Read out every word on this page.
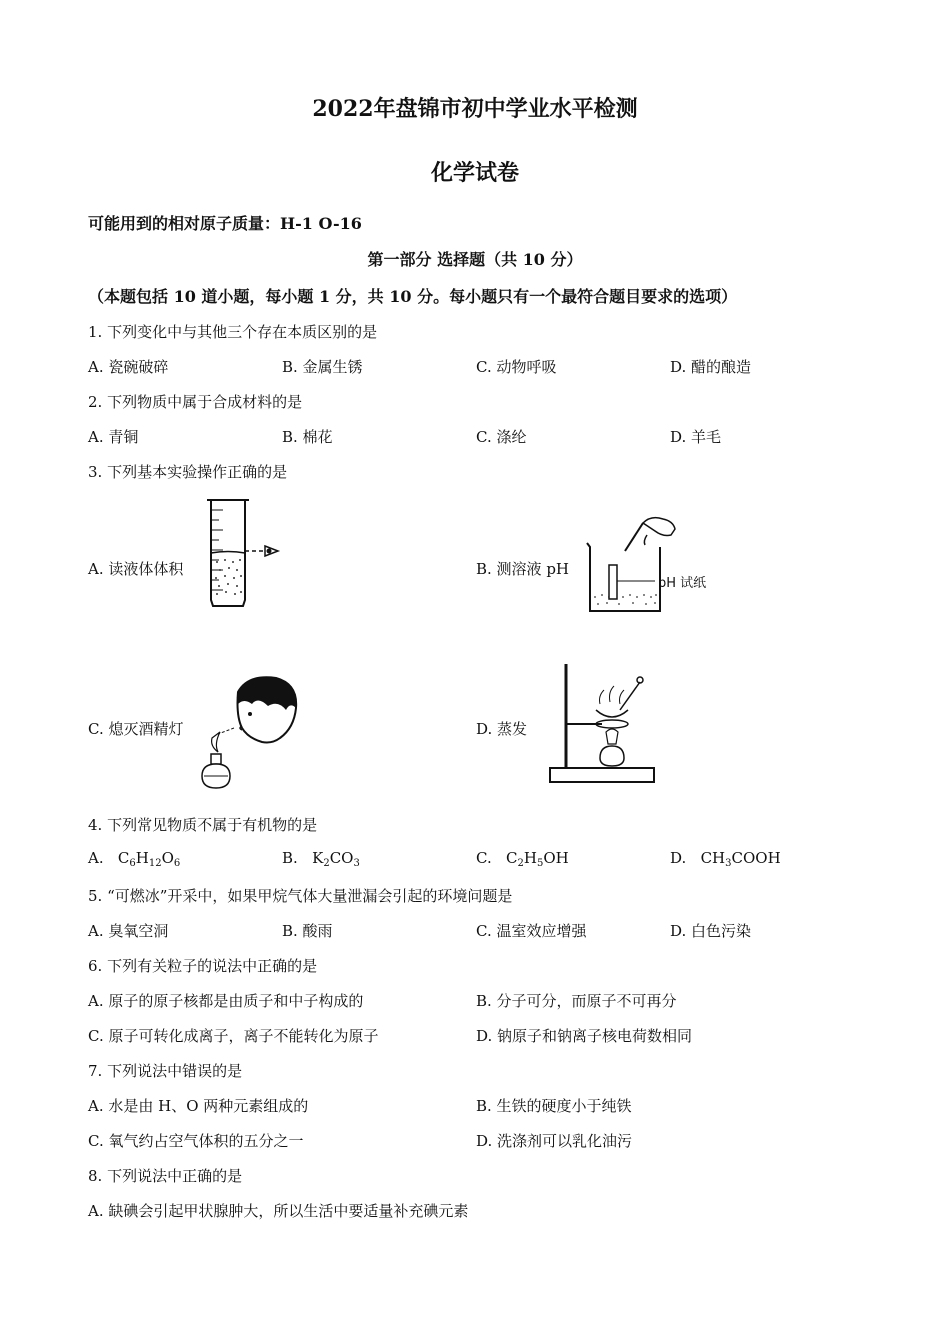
2022年盘锦市初中学业水平检测
化学试卷
可能用到的相对原子质量：H-1 O-16
第一部分 选择题（共 10 分）
（本题包括 10 道小题，每小题 1 分，共 10 分。每小题只有一个最符合题目要求的选项）
1. 下列变化中与其他三个存在本质区别的是
A. 瓷碗破碎	B. 金属生锈	C. 动物呼吸	D. 醋的酿造
2. 下列物质中属于合成材料的是
A. 青铜	B. 棉花	C. 涤纶	D. 羊毛
3. 下列基本实验操作正确的是
A. 读液体体积	B. 测溶液 pH
pH 试纸
C. 熄灭酒精灯	D. 蒸发
4. 下列常见物质不属于有机物的是
A. $C_6H_{12}O_6$	B. $K_2CO_3$	C. $C_2H_5OH$	D. $CH_3COOH$
5. “可燃冰”开采中，如果甲烷气体大量泄漏会引起的环境问题是
A. 臭氧空洞	B. 酸雨	C. 温室效应增强	D. 白色污染
6. 下列有关粒子的说法中正确的是
A. 原子的原子核都是由质子和中子构成的	B. 分子可分，而原子不可再分
C. 原子可转化成离子，离子不能转化为原子	D. 钠原子和钠离子核电荷数相同
7. 下列说法中错误的是
A. 水是由 H、O 两种元素组成的	B. 生铁的硬度小于纯铁
C. 氧气约占空气体积的五分之一	D. 洗涤剂可以乳化油污
8. 下列说法中正确的是
A. 缺碘会引起甲状腺肿大，所以生活中要适量补充碘元素
